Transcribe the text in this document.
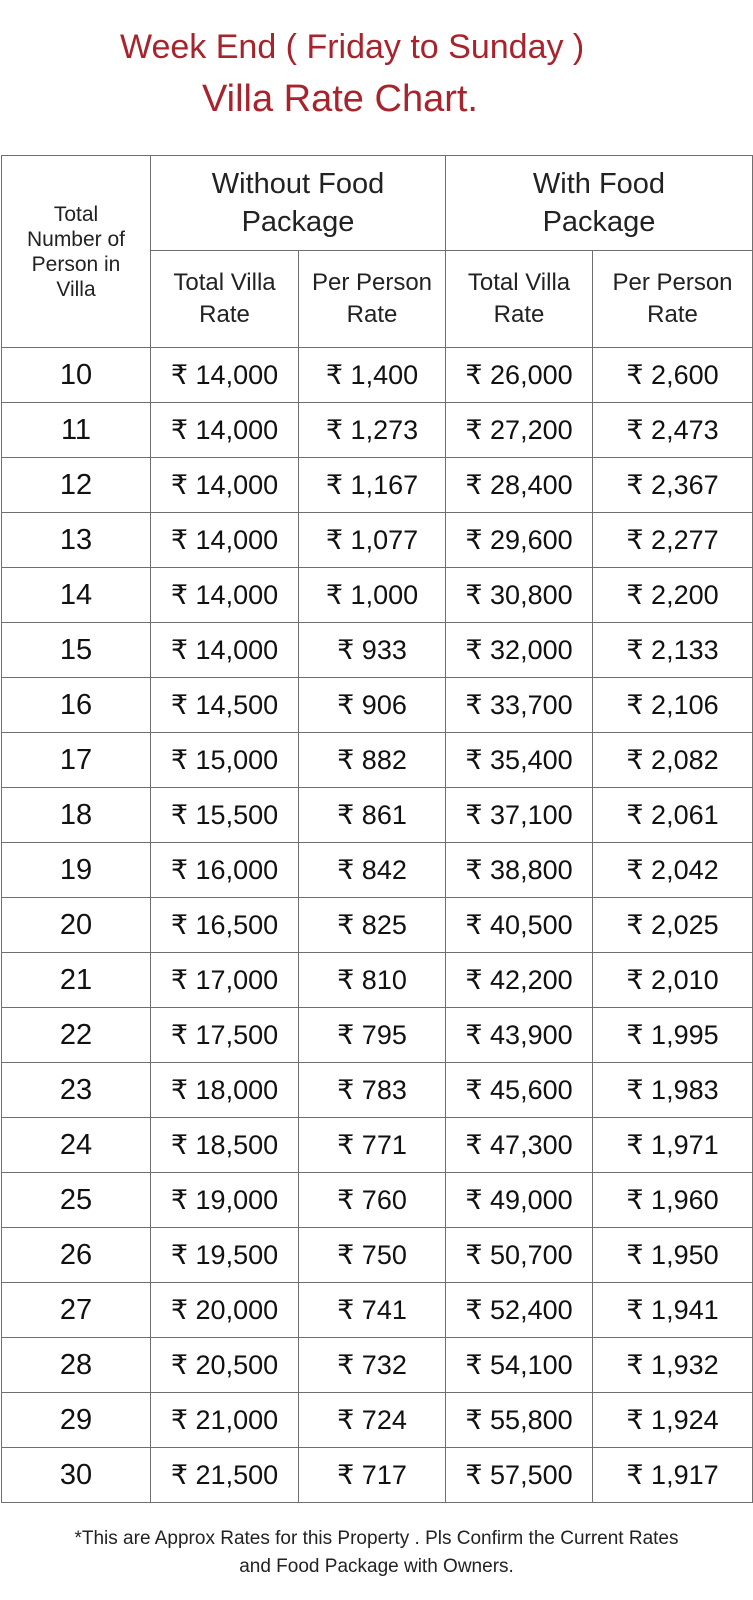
Week End ( Friday to Sunday )
Villa Rate Chart.
Total Number of Person in Villa	Without Food Package		With Food Package	

	Total Villa Rate	Per Person Rate	Total Villa Rate	Per Person Rate

10	₹ 14,000	₹ 1,400	₹ 26,000	₹ 2,600
11	₹ 14,000	₹ 1,273	₹ 27,200	₹ 2,473
12	₹ 14,000	₹ 1,167	₹ 28,400	₹ 2,367
13	₹ 14,000	₹ 1,077	₹ 29,600	₹ 2,277
14	₹ 14,000	₹ 1,000	₹ 30,800	₹ 2,200
15	₹ 14,000	₹ 933	₹ 32,000	₹ 2,133
16	₹ 14,500	₹ 906	₹ 33,700	₹ 2,106
17	₹ 15,000	₹ 882	₹ 35,400	₹ 2,082
18	₹ 15,500	₹ 861	₹ 37,100	₹ 2,061
19	₹ 16,000	₹ 842	₹ 38,800	₹ 2,042
20	₹ 16,500	₹ 825	₹ 40,500	₹ 2,025
21	₹ 17,000	₹ 810	₹ 42,200	₹ 2,010
22	₹ 17,500	₹ 795	₹ 43,900	₹ 1,995
23	₹ 18,000	₹ 783	₹ 45,600	₹ 1,983
24	₹ 18,500	₹ 771	₹ 47,300	₹ 1,971
25	₹ 19,000	₹ 760	₹ 49,000	₹ 1,960
26	₹ 19,500	₹ 750	₹ 50,700	₹ 1,950
27	₹ 20,000	₹ 741	₹ 52,400	₹ 1,941
28	₹ 20,500	₹ 732	₹ 54,100	₹ 1,932
29	₹ 21,000	₹ 724	₹ 55,800	₹ 1,924
30	₹ 21,500	₹ 717	₹ 57,500	₹ 1,917
*This are Approx Rates for this Property . Pls Confirm the Current Rates
and Food Package with Owners.
